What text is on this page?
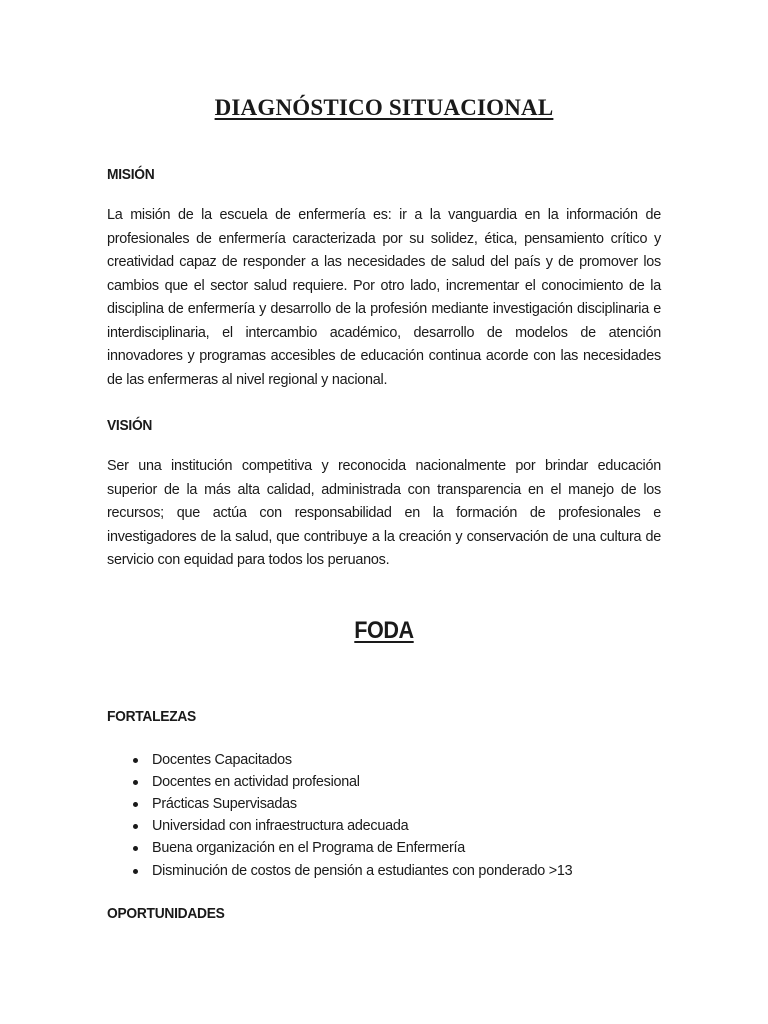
DIAGNÓSTICO SITUACIONAL
MISIÓN

La misión de la escuela de enfermería es: ir a la vanguardia en la información de profesionales de enfermería caracterizada por su solidez, ética, pensamiento crítico y creatividad capaz de responder a las necesidades de salud del país y de promover los cambios que el sector salud requiere. Por otro lado, incrementar el conocimiento de la disciplina de enfermería y desarrollo de la profesión mediante investigación disciplinaria e interdisciplinaria, el intercambio académico, desarrollo de modelos de atención innovadores y programas accesibles de educación continua acorde con las necesidades de las enfermeras al nivel regional y nacional.

VISIÓN

Ser una institución competitiva y reconocida nacionalmente por brindar educación superior de la más alta calidad, administrada con transparencia en el manejo de los recursos; que actúa con responsabilidad en la formación de profesionales e investigadores de la salud, que contribuye a la creación y conservación de una cultura de servicio con equidad para todos los peruanos.

FODA
FORTALEZAS
Docentes Capacitados
Docentes en actividad profesional
Prácticas Supervisadas
Universidad con infraestructura adecuada
Buena organización en el Programa de Enfermería
Disminución de costos de pensión a estudiantes con ponderado >13
OPORTUNIDADES
